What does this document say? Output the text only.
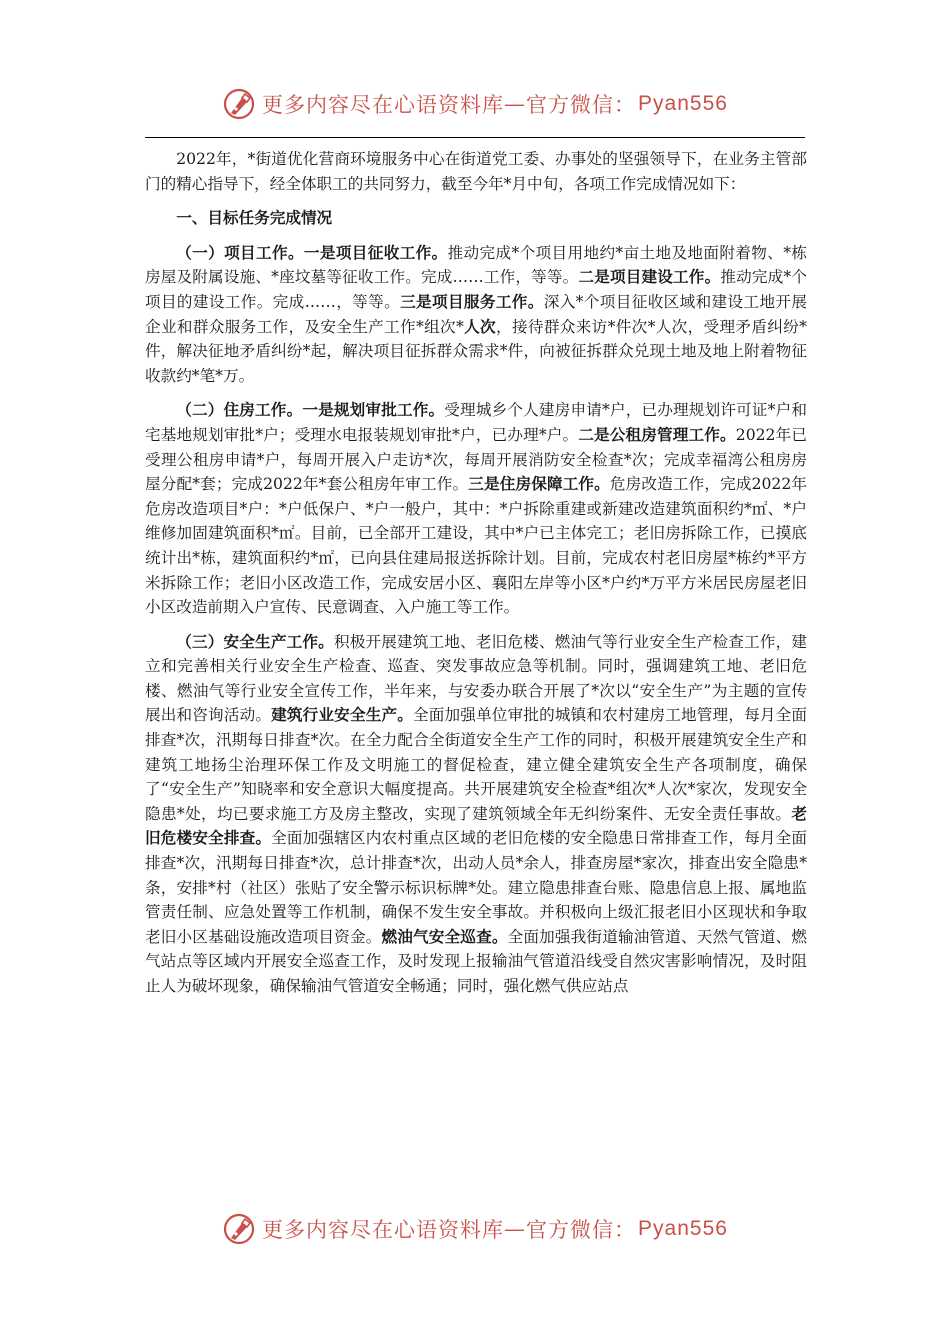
更多内容尽在心语资料库 — 官方微信： Pyan556

2022年，*街道优化营商环境服务中心在街道党工委、办事处的坚强领导下，在业务主管部门的精心指导下，经全体职工的共同努力，截至今年*月中旬，各项工作完成情况如下：

一、目标任务完成情况

（一）项目工作。一是项目征收工作。推动完成*个项目用地约*亩土地及地面附着物、*栋房屋及附属设施、*座坟墓等征收工作。完成……工作，等等。二是项目建设工作。推动完成*个项目的建设工作。完成……，等等。三是项目服务工作。深入*个项目征收区域和建设工地开展企业和群众服务工作，及安全生产工作*组次*人次，接待群众来访*件次*人次，受理矛盾纠纷*件，解决征地矛盾纠纷*起，解决项目征拆群众需求*件，向被征拆群众兑现土地及地上附着物征收款约*笔*万。

（二）住房工作。一是规划审批工作。受理城乡个人建房申请*户，已办理规划许可证*户和宅基地规划审批*户；受理水电报装规划审批*户，已办理*户。二是公租房管理工作。2022年已受理公租房申请*户，每周开展入户走访*次，每周开展消防安全检查*次；完成幸福湾公租房房屋分配*套；完成2022年*套公租房年审工作。三是住房保障工作。危房改造工作，完成2022年危房改造项目*户：*户低保户、*户一般户，其中：*户拆除重建或新建改造建筑面积约*㎡、*户维修加固建筑面积*㎡。目前，已全部开工建设，其中*户已主体完工；老旧房拆除工作，已摸底统计出*栋，建筑面积约*㎡，已向县住建局报送拆除计划。目前，完成农村老旧房屋*栋约*平方米拆除工作；老旧小区改造工作，完成安居小区、襄阳左岸等小区*户约*万平方米居民房屋老旧小区改造前期入户宣传、民意调查、入户施工等工作。

（三）安全生产工作。积极开展建筑工地、老旧危楼、燃油气等行业安全生产检查工作，建立和完善相关行业安全生产检查、巡查、突发事故应急等机制。同时，强调建筑工地、老旧危楼、燃油气等行业安全宣传工作，半年来，与安委办联合开展了*次以“安全生产”为主题的宣传展出和咨询活动。建筑行业安全生产。全面加强单位审批的城镇和农村建房工地管理，每月全面排查*次，汛期每日排查*次。在全力配合全街道安全生产工作的同时，积极开展建筑安全生产和建筑工地扬尘治理环保工作及文明施工的督促检查，建立健全建筑安全生产各项制度，确保了“安全生产”知晓率和安全意识大幅度提高。共开展建筑安全检查*组次*人次*家次，发现安全隐患*处，均已要求施工方及房主整改，实现了建筑领域全年无纠纷案件、无安全责任事故。老旧危楼安全排查。全面加强辖区内农村重点区域的老旧危楼的安全隐患日常排查工作，每月全面排查*次，汛期每日排查*次，总计排查*次，出动人员*余人，排查房屋*家次，排查出安全隐患*条，安排*村（社区）张贴了安全警示标识标牌*处。建立隐患排查台账、隐患信息上报、属地监管责任制、应急处置等工作机制，确保不发生安全事故。并积极向上级汇报老旧小区现状和争取老旧小区基础设施改造项目资金。燃油气安全巡查。全面加强我街道输油管道、天然气管道、燃气站点等区域内开展安全巡查工作，及时发现上报输油气管道沿线受自然灾害影响情况，及时阻止人为破坏现象，确保输油气管道安全畅通；同时，强化燃气供应站点

更多内容尽在心语资料库 — 官方微信： Pyan556
